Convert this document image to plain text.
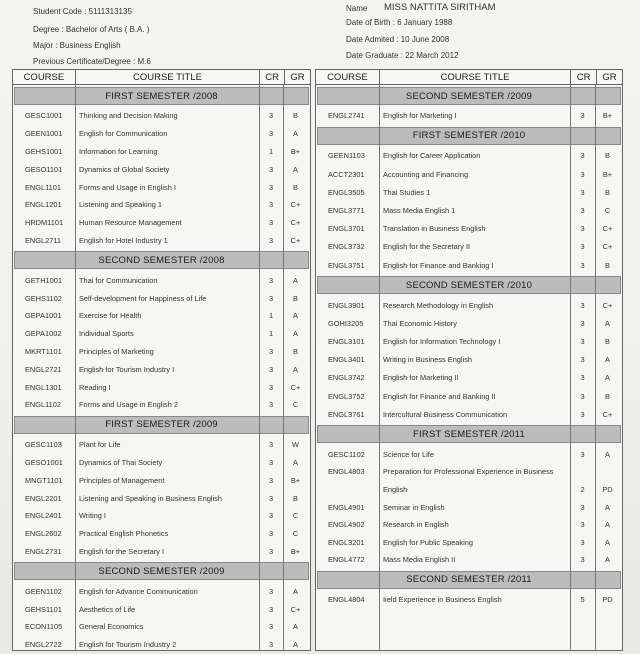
Student Code : 5111313135
Degree : Bachelor of Arts ( B.A. )
Major : Business English
Previous Certificate/Degree : M.6
Name MISS NATTITA SIRITHAM
Date of Birth : 6 January 1988
Date Admited : 10 June 2008
Date Graduate : 22 March 2012
COURSE	COURSE TITLE	CR	GR
FIRST SEMESTER /2008
GESC1001	Thinking and Decision Making	3	B
GEEN1001	English for Communication	3	A
GEHS1001	Information for Learning	1	B+
GESO1101	Dynamics of Global Society	3	A
ENGL1101	Forms and Usage in English I	3	B
ENGL1201	Listening and Speaking 1	3	C+
HRDM1101	Human Resource Management	3	C+
ENGL2711	English for Hotel Industry 1	3	C+
SECOND SEMESTER /2008
GETH1001	Thai for Communication	3	A
GEHS1102	Self-development for Happiness of Life	3	B
GEPA1001	Exercise for Health	1	A
GEPA1002	Individual Sports	1	A
MKRT1101	Principles of Marketing	3	B
ENGL2721	English for Tourism Industry I	3	A
ENGL1301	Reading I	3	C+
ENGL1102	Forms and Usage in English 2	3	C
FIRST SEMESTER /2009
GESC1103	Plant for Life	3	W
GESO1001	Dynamics of Thai Society	3	A
MNGT1101	Principles of Management	3	B+
ENGL2201	Listening and Speaking in Business English	3	B
ENGL2401	Writing I	3	C
ENGL2602	Practical English Phonetics	3	C
ENGL2731	English for the Secretary I	3	B+
SECOND SEMESTER /2009
GEEN1102	English for Advance Communication	3	A
GEHS1101	Aesthetics of Life	3	C+
ECON1105	General Economics	3	A
ENGL2722	English for Tourism Industry 2	3	A
COURSE	COURSE TITLE	CR	GR
SECOND SEMESTER /2009
ENGL2741	English for Marketing I	3	B+
FIRST SEMESTER /2010
GEEN1103	English for Career Application	3	B
ACCT2301	Accounting and Financing	3	B+
ENGL3505	Thai Studies 1	3	B
ENGL3771	Mass Media English 1	3	C
ENGL3701	Translation in Business English	3	C+
ENGL3732	English for the Secretary II	3	C+
ENGL3751	English for Finance and Banking I	3	B
SECOND SEMESTER /2010
ENGL3901	Research Methodology in English	3	C+
GOHI3205	Thai Economic History	3	A
ENGL3101	English for Information Technology I	3	B
ENGL3401	Writing in Business English	3	A
ENGL3742	English for Marketing II	3	A
ENGL3752	English for Finance and Banking II	3	B
ENGL3761	Intercultural Business Communication	3	C+
FIRST SEMESTER /2011
GESC1102	Science for Life	3	A
ENGL4803	Preparation for Professional Experience in Business
English	2	PD
ENGL4901	Seminar in English	3	A
ENGL4902	Research in English	3	A
ENGL3201	English for Public Speaking	3	A
ENGL4772	Mass Media English II	3	A
SECOND SEMESTER /2011
ENGL4804	Iield Experience in Business English	5	PD
